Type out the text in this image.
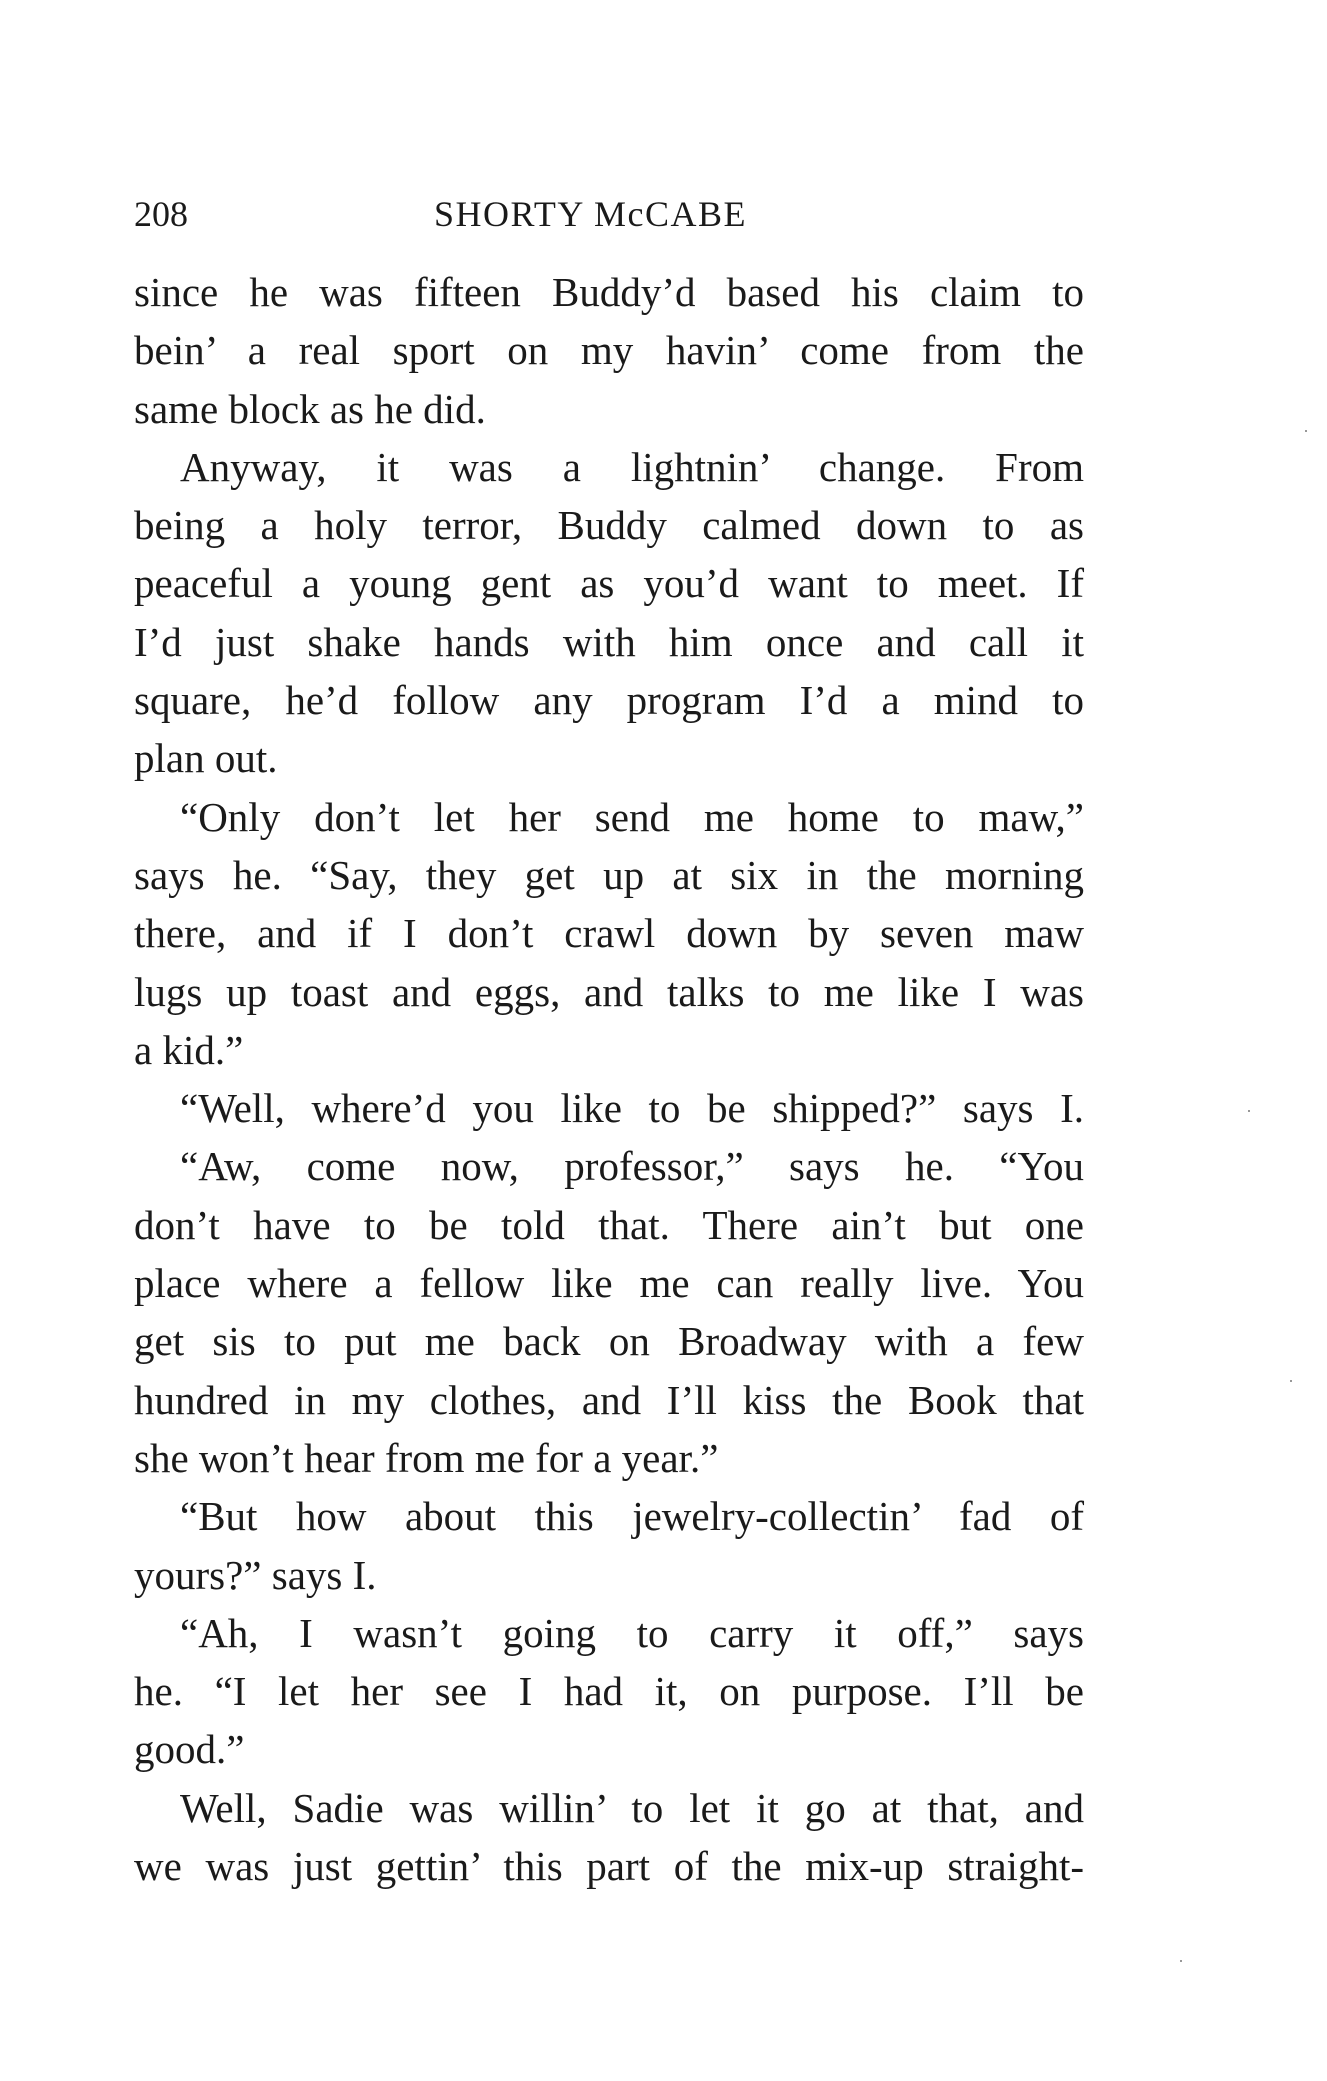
208	SHORTY McCABE
since he was fifteen Buddy’d based his claim to
bein’ a real sport on my havin’ come from the
same block as he did.
Anyway, it was a lightnin’ change. From
being a holy terror, Buddy calmed down to as
peaceful a young gent as you’d want to meet. If
I’d just shake hands with him once and call it
square, he’d follow any program I’d a mind to
plan out.
“Only don’t let her send me home to maw,”
says he. “Say, they get up at six in the morning
there, and if I don’t crawl down by seven maw
lugs up toast and eggs, and talks to me like I was
a kid.”
“Well, where’d you like to be shipped?” says I.
“Aw, come now, professor,” says he. “You
don’t have to be told that. There ain’t but one
place where a fellow like me can really live. You
get sis to put me back on Broadway with a few
hundred in my clothes, and I’ll kiss the Book that
she won’t hear from me for a year.”
“But how about this jewelry-collectin’ fad of
yours?” says I.
“Ah, I wasn’t going to carry it off,” says
he. “I let her see I had it, on purpose. I’ll be
good.”
Well, Sadie was willin’ to let it go at that, and
we was just gettin’ this part of the mix-up straight-
